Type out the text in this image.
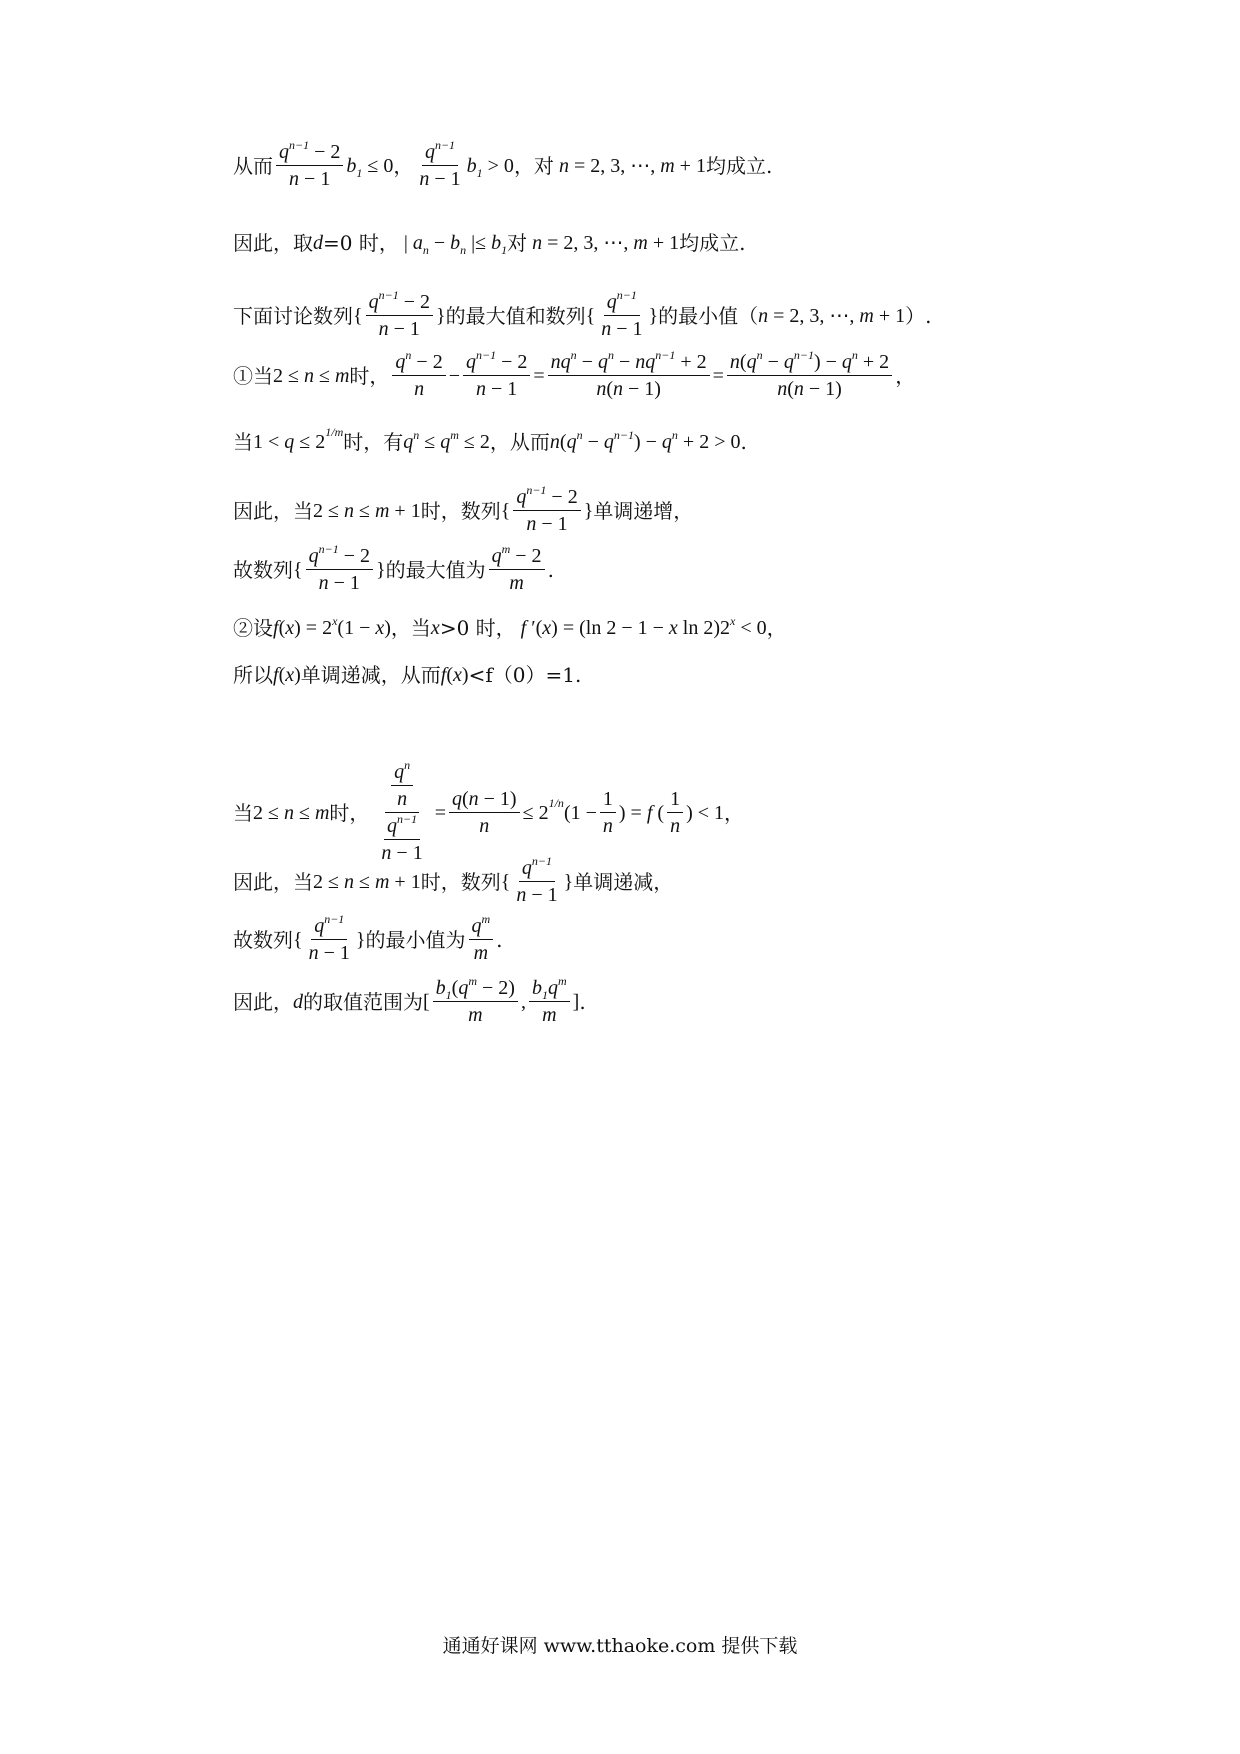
从而 $\frac{q^{n-1} - 2}{n - 1} b_1 \le 0$ ， $\frac{q^{n-1}}{n - 1} b_1 > 0$ ，对 n = 2, 3, ⋯, m + 1 均成立.
因此，取 d =0 时， | $a_n - b_n$ |≤ $b_1$ 对 n = 2, 3, ⋯, m + 1 均成立.
下面讨论数列 { $\frac{q^{n-1} - 2}{n - 1}$ } 的最大值和数列 { $\frac{q^{n-1}}{n - 1}$ } 的最小值（ n = 2, 3, ⋯, m + 1 ）.
①当 2 ≤ n ≤ m 时， $\frac{q^n - 2}{n} - \frac{q^{n-1} - 2}{n - 1} = \frac{nq^n - q^n - nq^{n-1} + 2}{n(n - 1)} = \frac{n(q^n - q^{n-1}) - q^n + 2}{n(n - 1)}$ ，
当 $1 < q \le 2^{1/m}$ 时，有 $q^n \le q^m \le 2$ ，从而 $n(q^n - q^{n-1}) - q^n + 2 > 0$ .
因此，当 2 ≤ n ≤ m + 1 时，数列 { $\frac{q^{n-1} - 2}{n - 1}$ } 单调递增，
故数列 { $\frac{q^{n-1} - 2}{n - 1}$ } 的最大值为 $\frac{q^m - 2}{m}$ .
②设 $f(x) = 2^x(1 - x)$ ，当 x >0 时， f ′(x) = (ln 2 − 1 − x $\ln 2)2^x < 0$ ，
所以 f(x) 单调递减，从而 f(x) <f（0）=1.
当 2 ≤ n ≤ m 时， $\frac{\frac{q^n}{n}}{\frac{q^{n-1}}{n - 1}} = \frac{q(n - 1)}{n} \le 2^{1/n}(1 - \frac{1}{n}$ ) = f ( $\frac{1}{n}$ ) < 1 ，
因此，当 2 ≤ n ≤ m + 1 时，数列 { $\frac{q^{n-1}}{n - 1}$ } 单调递减，
故数列 { $\frac{q^{n-1}}{n - 1}$ } 的最小值为 $\frac{q^m}{m}$ .
因此， d 的取值范围为 [ $\frac{b_1(q^m - 2)}{m}$ , $\frac{b_1q^m}{m}$ ] .
通通好课网 www.tthaoke.com 提供下载
